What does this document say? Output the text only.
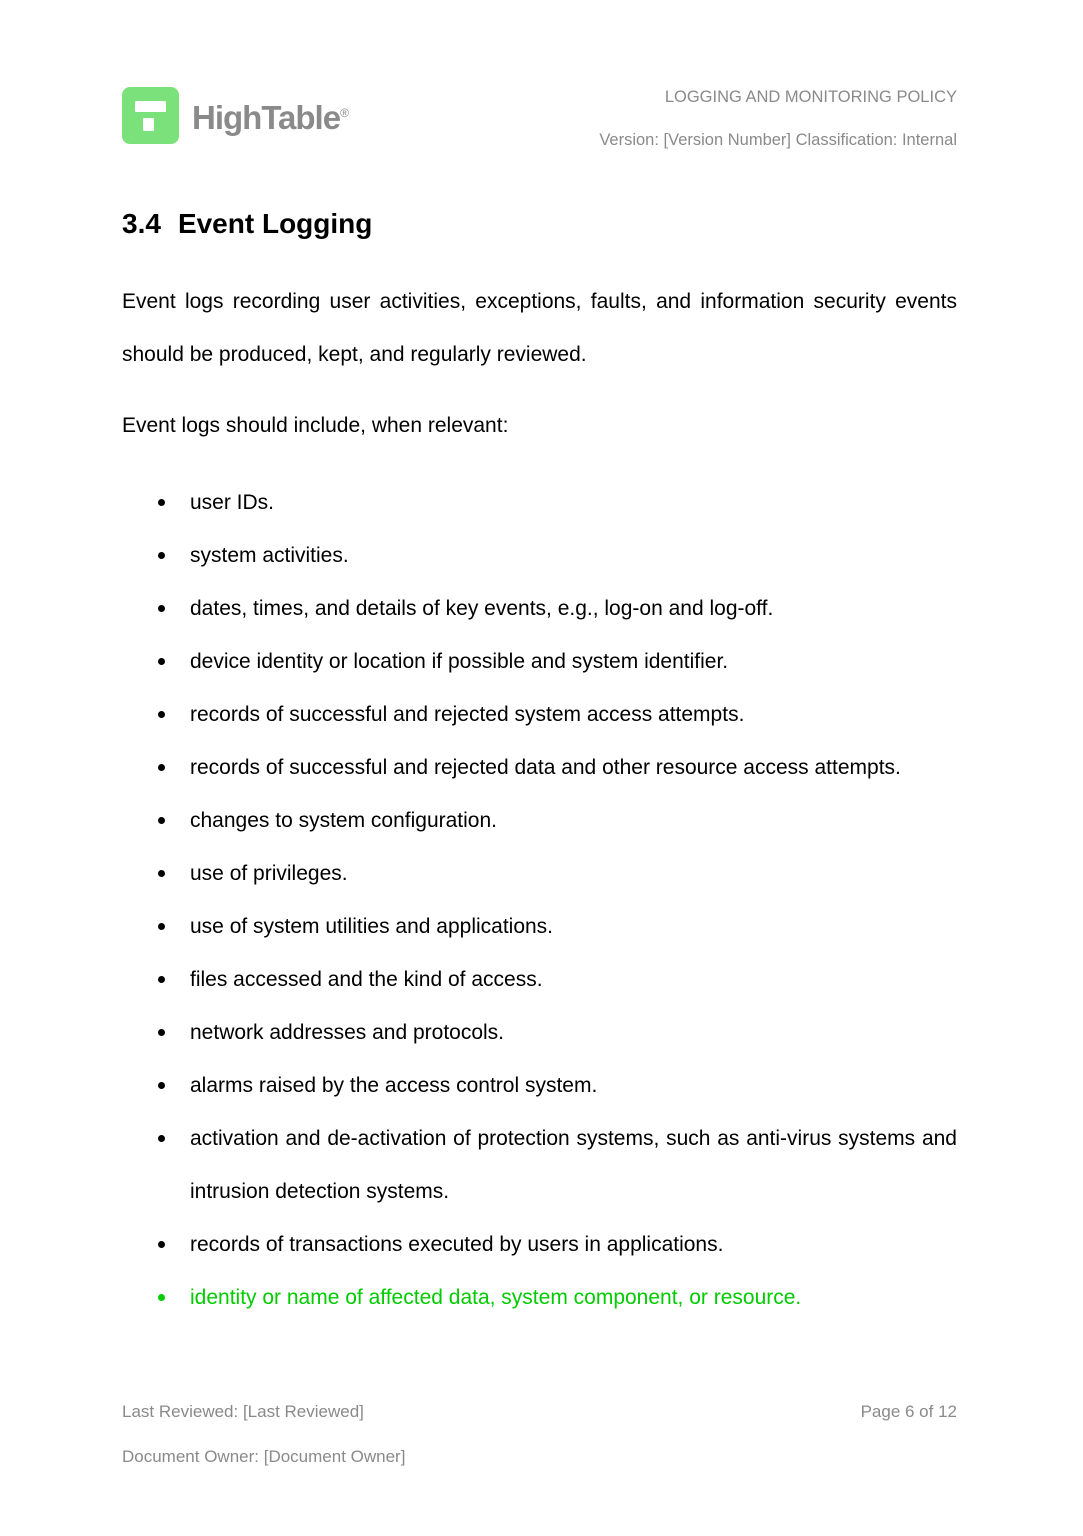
HighTable®
LOGGING AND MONITORING POLICY
Version: [Version Number] Classification: Internal
3.4 Event Logging

Event logs recording user activities, exceptions, faults, and information security events should be produced, kept, and regularly reviewed.

Event logs should include, when relevant:

user IDs.
system activities.
dates, times, and details of key events, e.g., log-on and log-off.
device identity or location if possible and system identifier.
records of successful and rejected system access attempts.
records of successful and rejected data and other resource access attempts.
changes to system configuration.
use of privileges.
use of system utilities and applications.
files accessed and the kind of access.
network addresses and protocols.
alarms raised by the access control system.
activation and de-activation of protection systems, such as anti-virus systems and intrusion detection systems.
records of transactions executed by users in applications.
identity or name of affected data, system component, or resource.
Last Reviewed: [Last Reviewed]	Page 6 of 12
Document Owner: [Document Owner]
